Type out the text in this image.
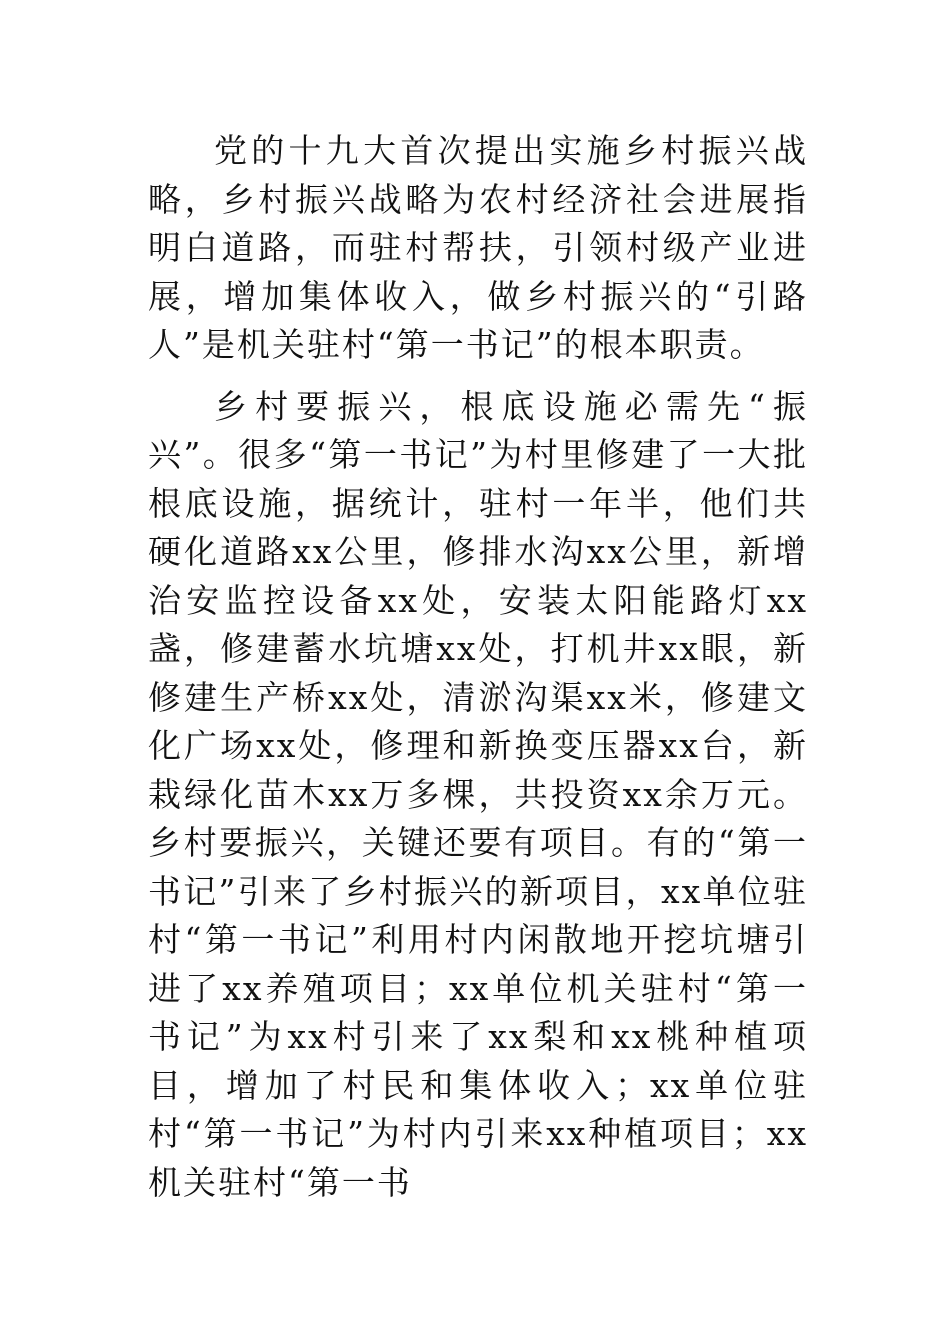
党的十九大首次提出实施乡村振兴战略，乡村振兴战略为农村经济社会进展指明白道路，而驻村帮扶，引领村级产业进展，增加集体收入，做乡村振兴的“引路人”是机关驻村“第一书记”的根本职责。

乡村要振兴，根底设施必需先“振兴”。很多“第一书记”为村里修建了一大批根底设施，据统计，驻村一年半，他们共硬化道路xx公里，修排水沟xx公里，新增治安监控设备xx处，安装太阳能路灯xx盏，修建蓄水坑塘xx处，打机井xx眼，新修建生产桥xx处，清淤沟渠xx米，修建文化广场xx处，修理和新换变压器xx台，新栽绿化苗木xx万多棵，共投资xx余万元。乡村要振兴，关键还要有项目。有的“第一书记”引来了乡村振兴的新项目，xx单位驻村“第一书记”利用村内闲散地开挖坑塘引进了xx养殖项目；xx单位机关驻村“第一书记”为xx村引来了xx梨和xx桃种植项目，增加了村民和集体收入；xx单位驻村“第一书记”为村内引来xx种植项目；xx机关驻村“第一书
